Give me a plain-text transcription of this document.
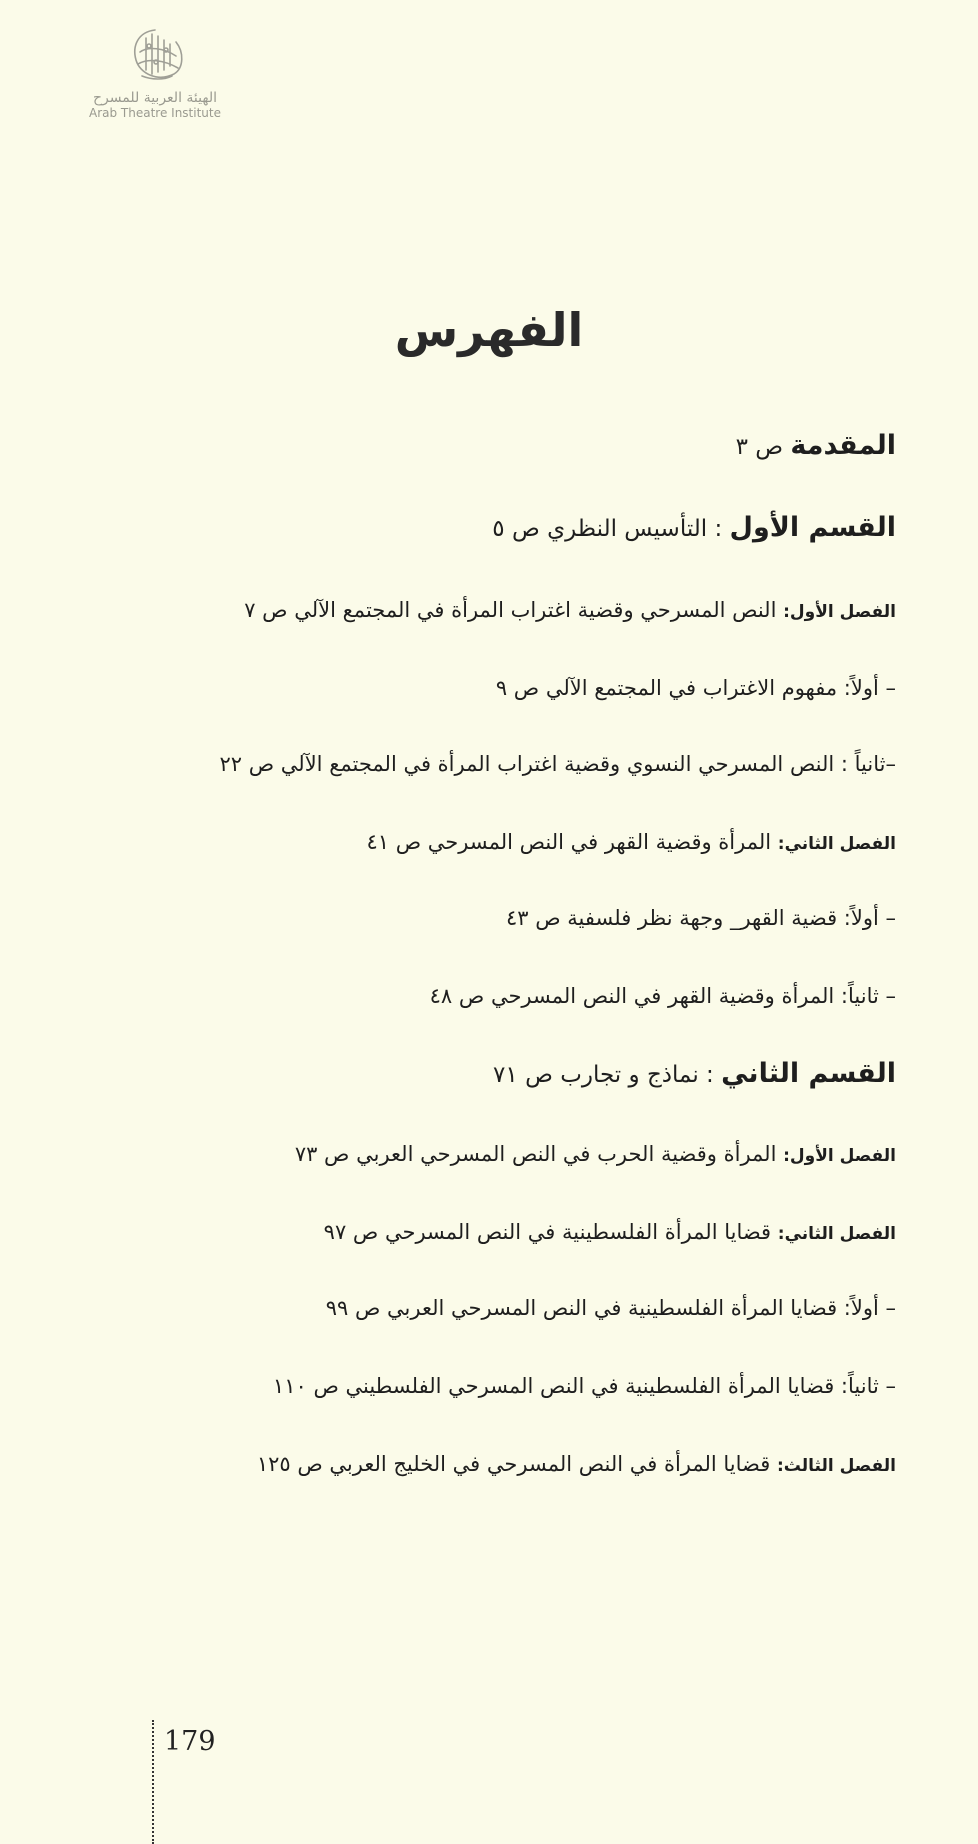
الهيئة العربية للمسرح
Arab Theatre Institute
الفهرس
المقدمة ص ٣
القسم الأول : التأسيس النظري ص ٥
الفصل الأول: النص المسرحي وقضية اغتراب المرأة في المجتمع الآلي ص ٧
– أولاً: مفهوم الاغتراب في المجتمع الآلي ص ٩
–ثانياً : النص المسرحي النسوي وقضية اغتراب المرأة في المجتمع الآلي ص ٢٢
الفصل الثاني: المرأة وقضية القهر في النص المسرحي ص ٤١
– أولاً: قضية القهر_ وجهة نظر فلسفية ص ٤٣
– ثانياً: المرأة وقضية القهر في النص المسرحي ص ٤٨
القسم الثاني : نماذج و تجارب ص ٧١
الفصل الأول: المرأة وقضية الحرب في النص المسرحي العربي ص ٧٣
الفصل الثاني: قضايا المرأة الفلسطينية في النص المسرحي ص ٩٧
– أولاً: قضايا المرأة الفلسطينية في النص المسرحي العربي ص ٩٩
– ثانياً: قضايا المرأة الفلسطينية في النص المسرحي الفلسطيني ص ١١٠
الفصل الثالث: قضايا المرأة في النص المسرحي في الخليج العربي ص ١٢٥
179
